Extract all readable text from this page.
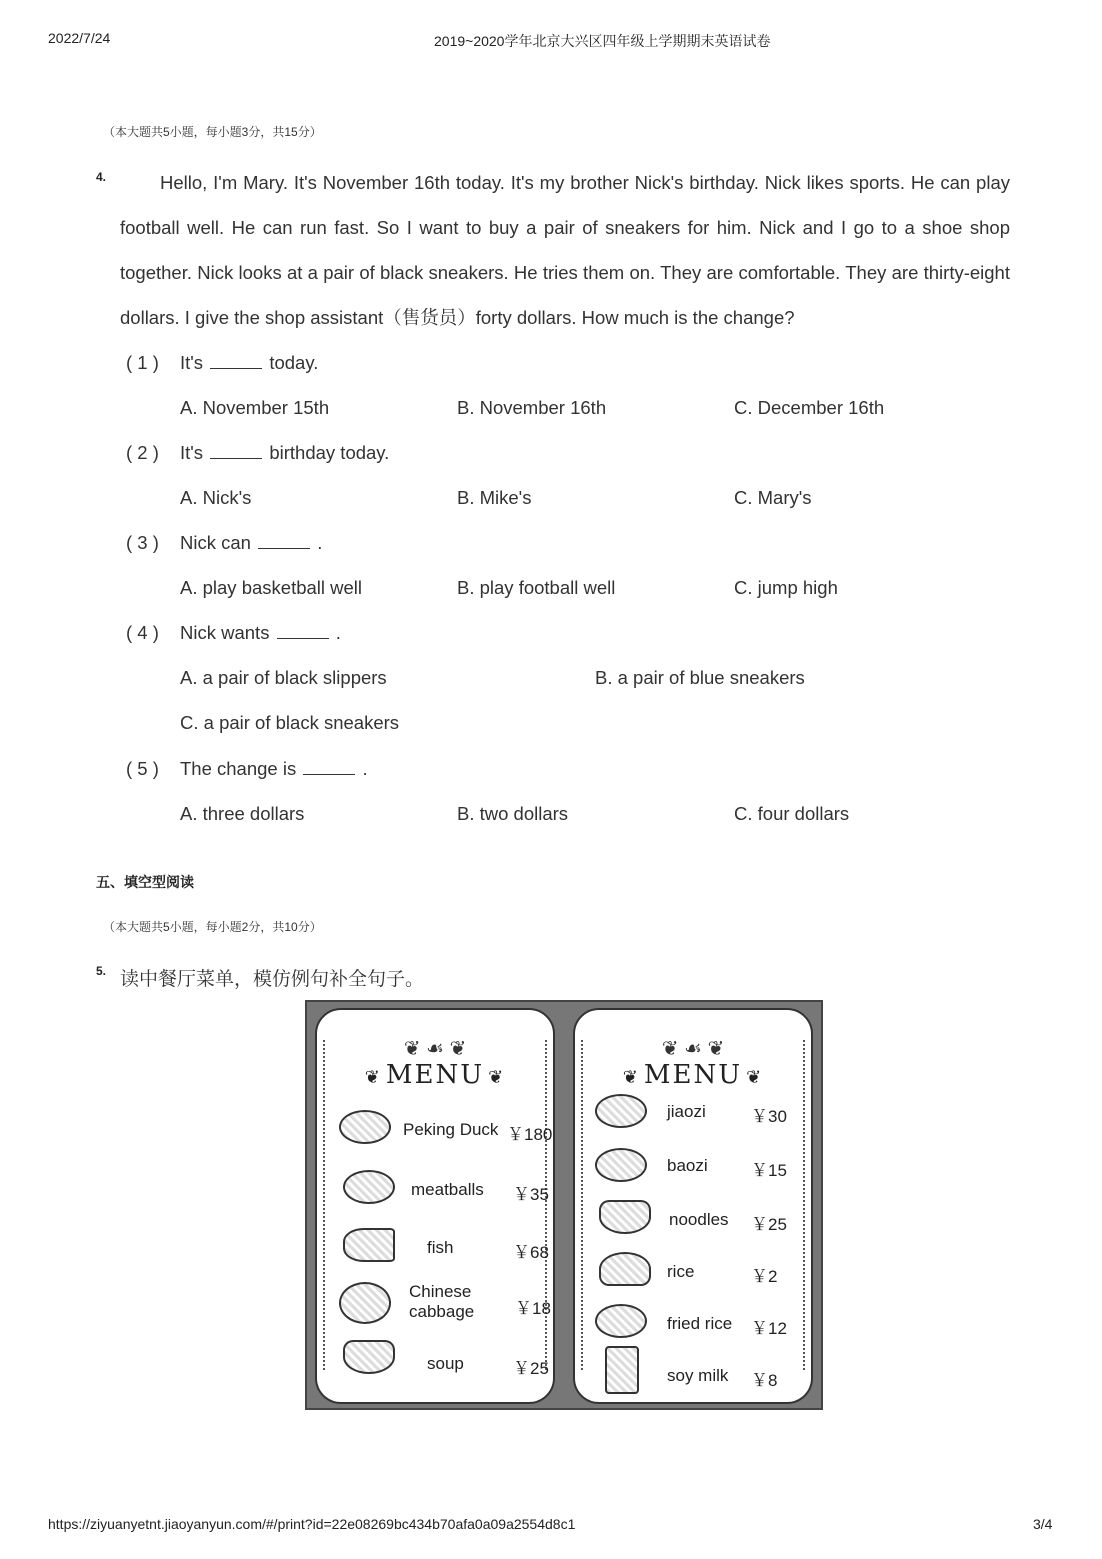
2022/7/24	2019~2020学年北京大兴区四年级上学期期末英语试卷
（本大题共5小题，每小题3分，共15分）
4.	Hello, I'm Mary. It's November 16th today. It's my brother Nick's birthday. Nick likes sports. He can play football well. He can run fast. So I want to buy a pair of sneakers for him. Nick and I go to a shoe shop together. Nick looks at a pair of black sneakers. He tries them on. They are comfortable. They are thirty-eight dollars. I give the shop assistant（售货员）forty dollars. How much is the change?
( 1 ) It's	today.
A. November 15th	B. November 16th	C. December 16th
( 2 ) It's	birthday today.
A. Nick's	B. Mike's	C. Mary's
( 3 ) Nick can	.
A. play basketball well	B. play football well	C. jump high
( 4 ) Nick wants	.
A. a pair of black slippers	B. a pair of blue sneakers
C. a pair of black sneakers
( 5 ) The change is	.
A. three dollars	B. two dollars	C. four dollars
五、填空型阅读
（本大题共5小题，每小题2分，共10分）
5. 读中餐厅菜单，模仿例句补全句子。
❦ ☙ ❦
❦ MENU ❦
Peking Duck ￥180
meatballs ￥35
fish	￥68
Chinese cabbage ￥18
soup	￥25
❦ ☙ ❦
❦ MENU ❦
jiaozi	￥30
baozi	￥15
noodles ￥25
rice	￥2
fried rice ￥12
soy milk ￥8
https://ziyuanyetnt.jiaoyanyun.com/#/print?id=22e08269bc434b70afa0a09a2554d8c1	3/4
